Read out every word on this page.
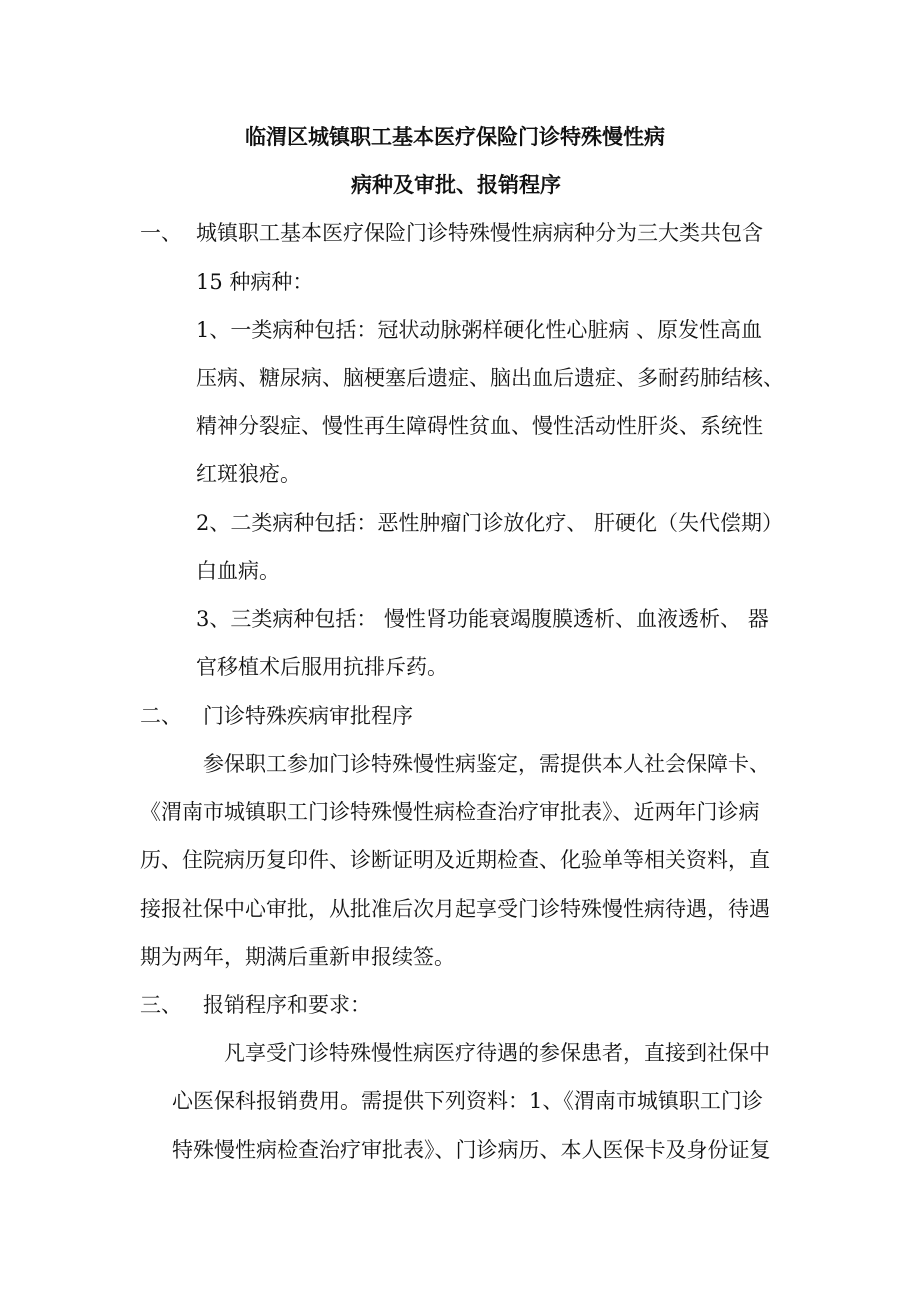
临渭区城镇职工基本医疗保险门诊特殊慢性病
病种及审批、报销程序
一、 城镇职工基本医疗保险门诊特殊慢性病病种分为三大类共包含
15 种病种：
1、一类病种包括：冠状动脉粥样硬化性心脏病 、原发性高血
压病、糖尿病、脑梗塞后遗症、脑出血后遗症、多耐药肺结核、
精神分裂症、慢性再生障碍性贫血、慢性活动性肝炎、系统性
红斑狼疮。
2、二类病种包括：恶性肿瘤门诊放化疗、 肝硬化（失代偿期）
白血病。
3、三类病种包括： 慢性肾功能衰竭腹膜透析、血液透析、 器
官移植术后服用抗排斥药。
二、 门诊特殊疾病审批程序
参保职工参加门诊特殊慢性病鉴定，需提供本人社会保障卡、
《渭南市城镇职工门诊特殊慢性病检查治疗审批表》、近两年门诊病
历、住院病历复印件、诊断证明及近期检查、化验单等相关资料，直
接报社保中心审批，从批准后次月起享受门诊特殊慢性病待遇，待遇
期为两年，期满后重新申报续签。
三、 报销程序和要求：
凡享受门诊特殊慢性病医疗待遇的参保患者，直接到社保中
心医保科报销费用。需提供下列资料：1、《渭南市城镇职工门诊
特殊慢性病检查治疗审批表》、门诊病历、本人医保卡及身份证复
